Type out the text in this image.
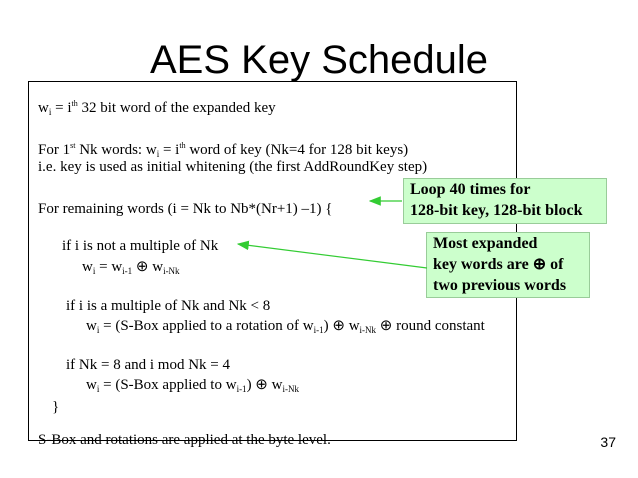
AES Key Schedule
$w_i = i^{th}$ 32 bit word of the expanded key
For 1st Nk words: $w_i = i^{th}$ word of key (Nk=4 for 128 bit keys)
i.e. key is used as initial whitening (the first AddRoundKey step)
For remaining words (i = Nk to Nb*(Nr+1) –1) {
if i is not a multiple of Nk
$w_i = w_{i-1}$ ⊕ $w_{i-Nk}$
if i is a multiple of Nk and Nk < 8
$w_i = (S-Box$ applied to a rotation of $w_{i-1}$) ⊕ $w_{i-Nk}$ ⊕ round constant
if Nk = 8 and i mod Nk = 4
$w_i = (S-Box$ applied to $w_{i-1}$) ⊕ $w_{i-Nk}$
}
S-Box and rotations are applied at the byte level.
Loop 40 times for
128-bit key, 128-bit block
Most expanded
key words are ⊕ of
two previous words
37
